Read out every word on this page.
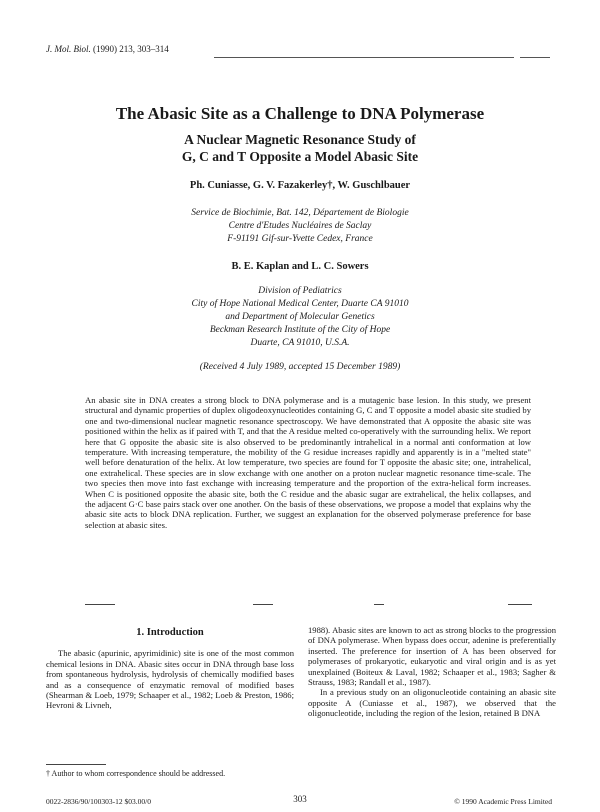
J. Mol. Biol. (1990) 213, 303–314
The Abasic Site as a Challenge to DNA Polymerase
A Nuclear Magnetic Resonance Study of
G, C and T Opposite a Model Abasic Site
Ph. Cuniasse, G. V. Fazakerley†, W. Guschlbauer
Service de Biochimie, Bat. 142, Département de Biologie
Centre d'Etudes Nucléaires de Saclay
F-91191 Gif-sur-Yvette Cedex, France
B. E. Kaplan and L. C. Sowers
Division of Pediatrics
City of Hope National Medical Center, Duarte CA 91010
and Department of Molecular Genetics
Beckman Research Institute of the City of Hope
Duarte, CA 91010, U.S.A.
(Received 4 July 1989, accepted 15 December 1989)

An abasic site in DNA creates a strong block to DNA polymerase and is a mutagenic base lesion. In this study, we present structural and dynamic properties of duplex oligodeoxynucleotides containing G, C and T opposite a model abasic site studied by one and two-dimensional nuclear magnetic resonance spectroscopy. We have demonstrated that A opposite the abasic site was positioned within the helix as if paired with T, and that the A residue melted co-operatively with the surrounding helix. We report here that G opposite the abasic site is also observed to be predominantly intrahelical in a normal anti conformation at low temperature. With increasing temperature, the mobility of the G residue increases rapidly and apparently is in a "melted state" well before denaturation of the helix. At low temperature, two species are found for T opposite the abasic site; one, intrahelical, one extrahelical. These species are in slow exchange with one another on a proton nuclear magnetic resonance time-scale. The two species then move into fast exchange with increasing temperature and the proportion of the extra-helical form increases. When C is positioned opposite the abasic site, both the C residue and the abasic sugar are extrahelical, the helix collapses, and the adjacent G·C base pairs stack over one another. On the basis of these observations, we propose a model that explains why the abasic site acts to block DNA replication. Further, we suggest an explanation for the observed polymerase preference for base selection at abasic sites.

1. Introduction

The abasic (apurinic, apyrimidinic) site is one of the most common chemical lesions in DNA. Abasic sites occur in DNA through base loss from spontaneous hydrolysis, hydrolysis of chemically modified bases and as a consequence of enzymatic removal of modified bases (Shearman & Loeb, 1979; Schaaper et al., 1982; Loeb & Preston, 1986; Hevroni & Livneh,

1988). Abasic sites are known to act as strong blocks to the progression of DNA polymerase. When bypass does occur, adenine is preferentially inserted. The preference for insertion of A has been observed for polymerases of prokaryotic, eukaryotic and viral origin and is as yet unexplained (Boiteux & Laval, 1982; Schaaper et al., 1983; Sagher & Strauss, 1983; Randall et al., 1987).

In a previous study on an oligonucleotide containing an abasic site opposite A (Cuniasse et al., 1987), we observed that the oligonucleotide, including the region of the lesion, retained B DNA

† Author to whom correspondence should be addressed.
0022-2836/90/100303-12 $03.00/0	303	© 1990 Academic Press Limited
